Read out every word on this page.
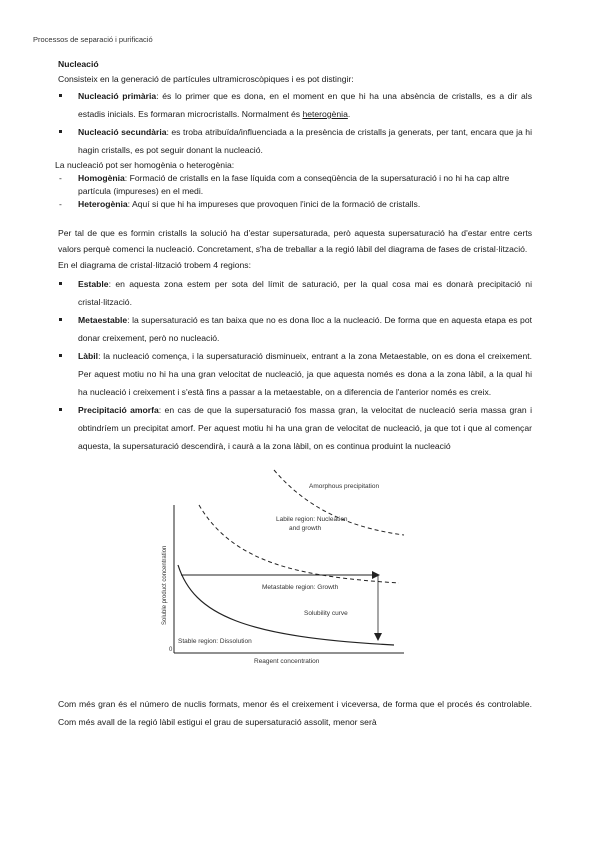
Processos de separació i purificació

Nucleació

Consisteix en la generació de partícules ultramicroscòpiques i es pot distingir:

Nucleació primària: és lo primer que es dona, en el moment en que hi ha una absència de cristalls, es a dir als estadis inicials. Es formaran microcristalls. Normalment és heterogènia.
Nucleació secundària: es troba atribuïda/influenciada a la presència de cristalls ja generats, per tant, encara que ja hi hagin cristalls, es pot seguir donant la nucleació.

La nucleació pot ser homogènia o heterogènia:

- Homogènia: Formació de cristalls en la fase líquida com a conseqüència de la supersaturació i no hi ha cap altre partícula (impureses) en el medi.
- Heterogènia: Aquí si que hi ha impureses que provoquen l'inici de la formació de cristalls.

Per tal de que es formin cristalls la solució ha d'estar supersaturada, però aquesta supersaturació ha d'estar entre certs valors perquè comenci la nucleació. Concretament, s'ha de treballar a la regió làbil del diagrama de fases de cristal·lització.

En el diagrama de cristal·lització trobem 4 regions:

Estable: en aquesta zona estem per sota del límit de saturació, per la qual cosa mai es donarà precipitació ni cristal·lització.
Metaestable: la supersaturació es tan baixa que no es dona lloc a la nucleació. De forma que en aquesta etapa es pot donar creixement, però no nucleació.
Làbil: la nucleació comença, i la supersaturació disminueix, entrant a la zona Metaestable, on es dona el creixement. Per aquest motiu no hi ha una gran velocitat de nucleació, ja que aquesta només es dona a la zona làbil, a la qual hi ha nucleació i creixement i s'està fins a passar a la metaestable, on a diferencia de l'anterior només es creix.
Precipitació amorfa: en cas de que la supersaturació fos massa gran, la velocitat de nucleació seria massa gran i obtindríem un precipitat amorf. Per aquest motiu hi ha una gran de velocitat de nucleació, ja que tot i que al començar aquesta, la supersaturació descendirà, i caurà a la zona làbil, on es continua produint la nucleació
Amorphous precipitation
Labile region: Nucleation
and growth
Metastable region: Growth
Solubility curve
Stable region: Dissolution
Reagent concentration
0
Soluble product concentration

Com més gran és el número de nuclis formats, menor és el creixement i viceversa, de forma que el procés és controlable. Com més avall de la regió làbil estigui el grau de supersaturació assolit, menor serà
